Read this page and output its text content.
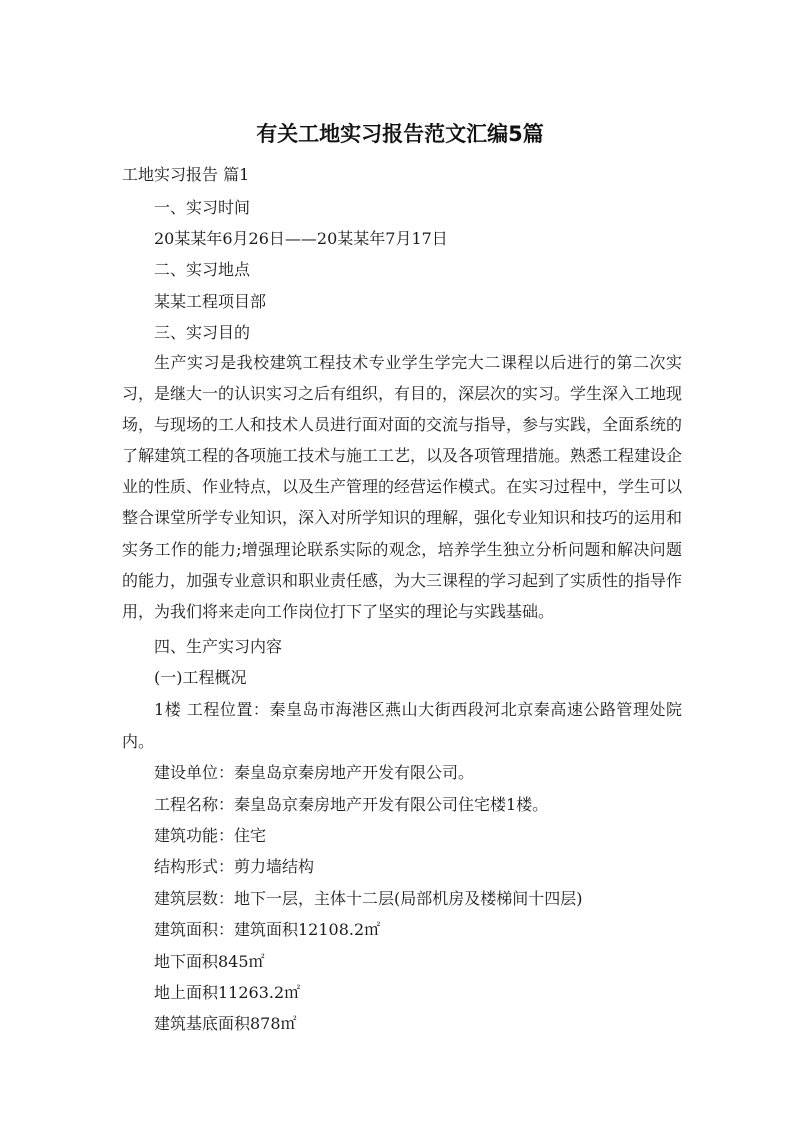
有关工地实习报告范文汇编5篇
工地实习报告 篇1
一、实习时间
20某某年6月26日——20某某年7月17日
二、实习地点
某某工程项目部
三、实习目的
生产实习是我校建筑工程技术专业学生学完大二课程以后进行的第二次实习，是继大一的认识实习之后有组织，有目的，深层次的实习。学生深入工地现场，与现场的工人和技术人员进行面对面的交流与指导，参与实践，全面系统的了解建筑工程的各项施工技术与施工工艺，以及各项管理措施。熟悉工程建设企业的性质、作业特点，以及生产管理的经营运作模式。在实习过程中，学生可以整合课堂所学专业知识，深入对所学知识的理解，强化专业知识和技巧的运用和实务工作的能力;增强理论联系实际的观念，培养学生独立分析问题和解决问题的能力，加强专业意识和职业责任感，为大三课程的学习起到了实质性的指导作用，为我们将来走向工作岗位打下了坚实的理论与实践基础。
四、生产实习内容
(一)工程概况
1楼 工程位置：秦皇岛市海港区燕山大街西段河北京秦高速公路管理处院内。
建设单位：秦皇岛京秦房地产开发有限公司。
工程名称：秦皇岛京秦房地产开发有限公司住宅楼1楼。
建筑功能：住宅
结构形式：剪力墙结构
建筑层数：地下一层，主体十二层(局部机房及楼梯间十四层)
建筑面积：建筑面积12108.2㎡
地下面积845㎡
地上面积11263.2㎡
建筑基底面积878㎡
